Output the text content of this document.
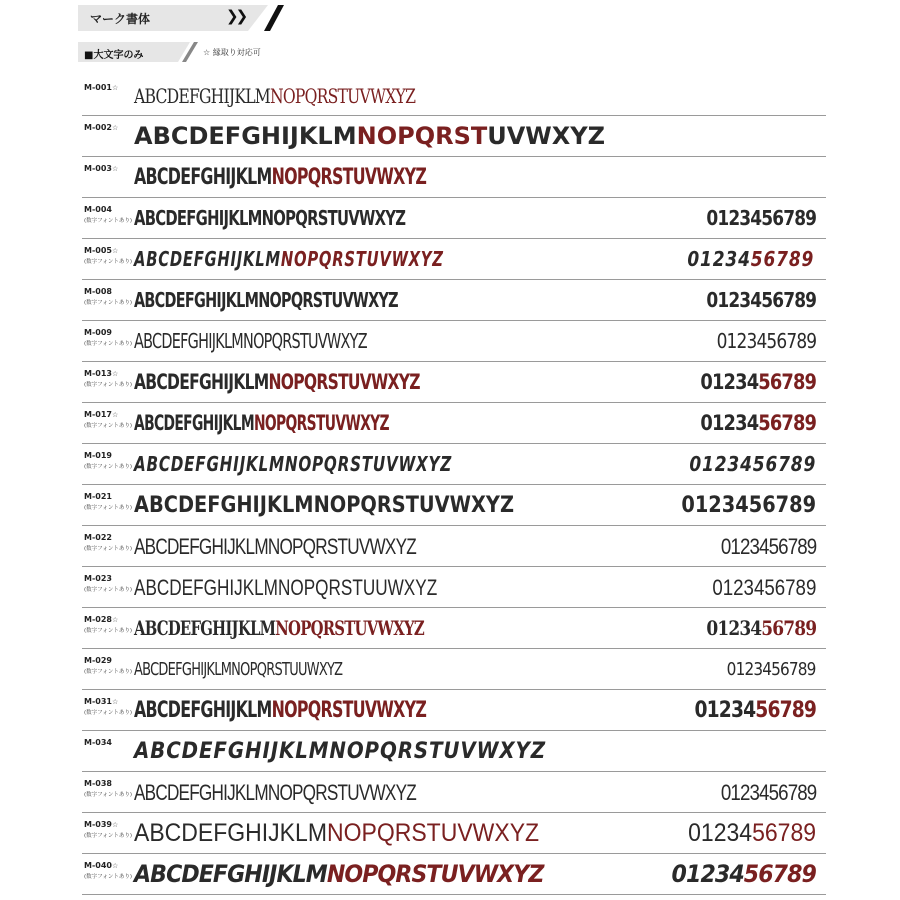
マーク書体	❯❯
■大文字のみ	☆ 縁取り対応可
M-001☆ ABCDEFGHIJKLMNOPQRSTUVWXYZ
M-002☆ ABCDEFGHIJKLMNOPQRSTUVWXYZ
M-003☆ ABCDEFGHIJKLMNOPQRSTUVWXYZ
M-004
(数字フォントあり) ABCDEFGHIJKLMNOPQRSTUVWXYZ	0123456789
M-005☆
(数字フォントあり) ABCDEFGHIJKLMNOPQRSTUVWXYZ	0123456789
M-008
(数字フォントあり) ABCDEFGHIJKLMNOPQRSTUVWXYZ	0123456789
M-009
(数字フォントあり) ABCDEFGHIJKLMNOPQRSTUVWXYZ	0123456789
M-013☆
(数字フォントあり) ABCDEFGHIJKLMNOPQRSTUVWXYZ	0123456789
M-017☆
(数字フォントあり) ABCDEFGHIJKLMNOPQRSTUVWXYZ	0123456789
M-019
(数字フォントあり) ABCDEFGHIJKLMNOPQRSTUVWXYZ	0123456789
M-021
(数字フォントあり) ABCDEFGHIJKLMNOPQRSTUVWXYZ	0123456789
M-022
(数字フォントあり) ABCDEFGHIJKLMNOPQRSTUVWXYZ	0123456789
M-023
(数字フォントあり) ABCDEFGHIJKLMNOPQRSTUUWXYZ	0123456789
M-028☆
(数字フォントあり) ABCDEFGHIJKLMNOPQRSTUVWXYZ	0123456789
M-029
(数字フォントあり) ABCDEFGHIJKLMNOPQRSTUUWXYZ	0123456789
M-031☆
(数字フォントあり) ABCDEFGHIJKLMNOPQRSTUVWXYZ	0123456789
M-034 ABCDEFGHIJKLMNOPQRSTUVWXYZ
M-038
(数字フォントあり) ABCDEFGHIJKLMNOPQRSTUVWXYZ	0123456789
M-039☆
(数字フォントあり) ABCDEFGHIJKLMNOPQRSTUVWXYZ	0123456789
M-040☆
(数字フォントあり) ABCDEFGHIJKLMNOPQRSTUVWXYZ	0123456789
